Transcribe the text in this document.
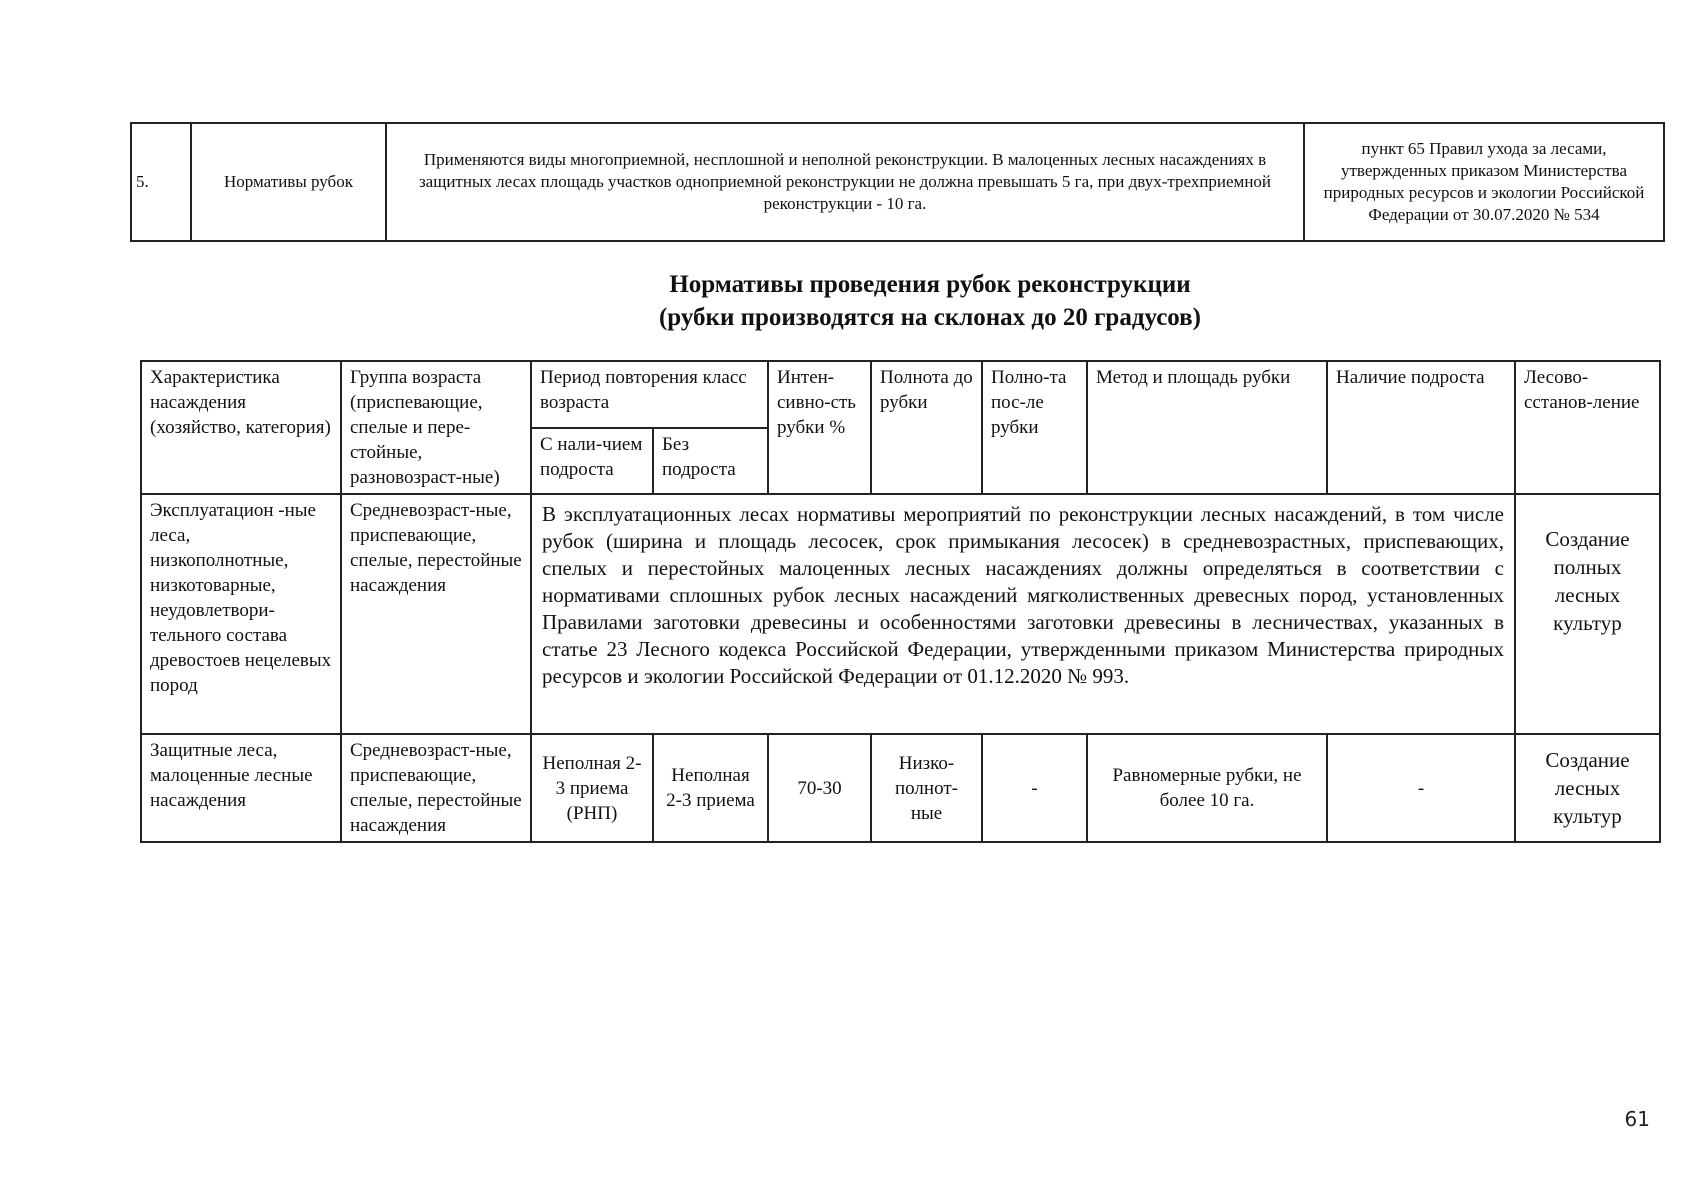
5.	Нормативы рубок	Применяются виды многоприемной, несплошной и неполной реконструкции. В малоценных лесных насаждениях в защитных лесах площадь участков одноприемной реконструкции не должна превышать 5 га, при двух-трехприемной реконструкции - 10 га.	пункт 65 Правил ухода за лесами, утвержденных приказом Министерства природных ресурсов и экологии Российской Федерации от 30.07.2020 № 534
Нормативы проведения рубок реконструкции
(рубки производятся на склонах до 20 градусов)
Характеристика насаждения (хозяйство, категория)	Группа возраста (приспевающие, спелые и пере-стойные, разновозраст-ные)	Период повторения класс возраста		Интен-сивно-сть рубки %	Полнота до рубки	Полно-та пос-ле рубки	Метод и площадь рубки	Наличие подроста	Лесово-сстанов-ление
		С нали-чием подроста	Без подроста						
Эксплуатацион -ные леса, низкополнотные, низкотоварные, неудовлетвори-тельного состава древостоев нецелевых пород	Средневозраст-ные, приспевающие, спелые, перестойные насаждения	В эксплуатационных лесах нормативы мероприятий по реконструкции лесных насаждений, в том числе рубок (ширина и площадь лесосек, срок примыкания лесосек) в средневозрастных, приспевающих, спелых и перестойных малоценных лесных насаждениях должны определяться в соответствии с нормативами сплошных рубок лесных насаждений мягколиственных древесных пород, установленных Правилами заготовки древесины и особенностями заготовки древесины в лесничествах, указанных в статье 23 Лесного кодекса Российской Федерации, утвержденными приказом Министерства природных ресурсов и экологии Российской Федерации от 01.12.2020 № 993.							Создание полных лесных культур
Защитные леса, малоценные лесные насаждения	Средневозраст-ные, приспевающие, спелые, перестойные насаждения	Неполная 2-3 приема (РНП)	Неполная 2-3 приема	70-30	Низко-полнот-ные	-	Равномерные рубки, не более 10 га.	-	Создание лесных культур
61
